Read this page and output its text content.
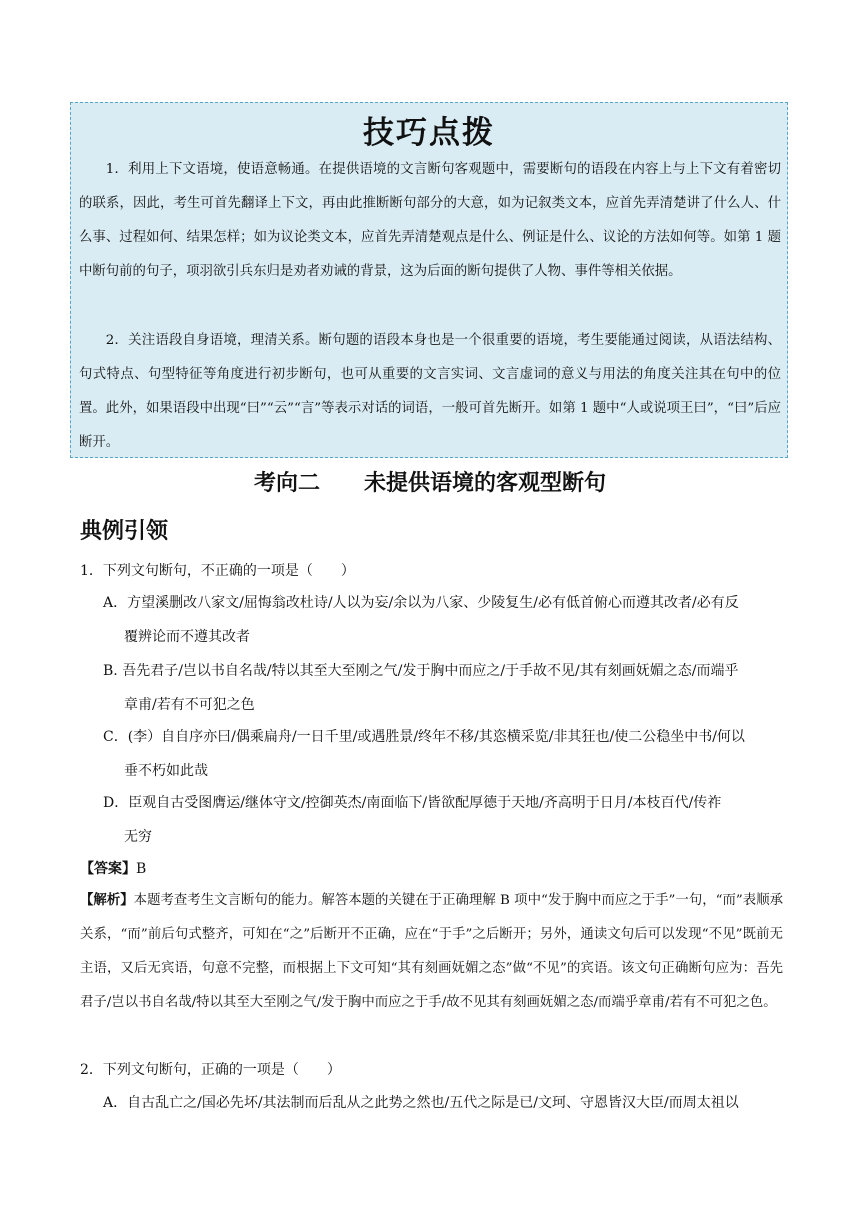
技巧点拨

1．利用上下文语境，使语意畅通。在提供语境的文言断句客观题中，需要断句的语段在内容上与上下文有着密切的联系，因此，考生可首先翻译上下文，再由此推断断句部分的大意，如为记叙类文本，应首先弄清楚讲了什么人、什么事、过程如何、结果怎样；如为议论类文本，应首先弄清楚观点是什么、例证是什么、议论的方法如何等。如第 1 题中断句前的句子，项羽欲引兵东归是劝者劝诫的背景，这为后面的断句提供了人物、事件等相关依据。

2．关注语段自身语境，理清关系。断句题的语段本身也是一个很重要的语境，考生要能通过阅读，从语法结构、句式特点、句型特征等角度进行初步断句，也可从重要的文言实词、文言虚词的意义与用法的角度关注其在句中的位置。此外，如果语段中出现“曰”“云”“言”等表示对话的词语，一般可首先断开。如第 1 题中“人或说项王曰”，“曰”后应断开。

考向二　　未提供语境的客观型断句
典例引领
1．下列文句断句，不正确的一项是（　　）

A．方望溪删改八家文/屈悔翁改杜诗/人以为妄/余以为八家、少陵复生/必有低首俯心而遵其改者/必有反
覆辨论而不遵其改者

B. 吾先君子/岂以书自名哉/特以其至大至刚之气/发于胸中而应之/于手故不见/其有刻画妩媚之态/而端乎
章甫/若有不可犯之色

C．(李）自自序亦曰/偶乘扁舟/一日千里/或遇胜景/终年不移/其恣横采览/非其狂也/使二公稳坐中书/何以
垂不朽如此哉

D．臣观自古受图膺运/继体守文/控御英杰/南面临下/皆欲配厚德于天地/齐高明于日月/本枝百代/传祚
无穷

【答案】B

【解析】本题考查考生文言断句的能力。解答本题的关键在于正确理解 B 项中“发于胸中而应之于手”一句，“而”表顺承关系，“而”前后句式整齐，可知在“之”后断开不正确，应在“于手”之后断开；另外，通读文句后可以发现“不见”既前无主语，又后无宾语，句意不完整，而根据上下文可知“其有刻画妩媚之态”做“不见”的宾语。该文句正确断句应为：吾先君子/岂以书自名哉/特以其至大至刚之气/发于胸中而应之于手/故不见其有刻画妩媚之态/而端乎章甫/若有不可犯之色。

2．下列文句断句，正确的一项是（　　）

A．自古乱亡之/国必先坏/其法制而后乱从之此势之然也/五代之际是已/文珂、守恩皆汉大臣/而周太祖以
